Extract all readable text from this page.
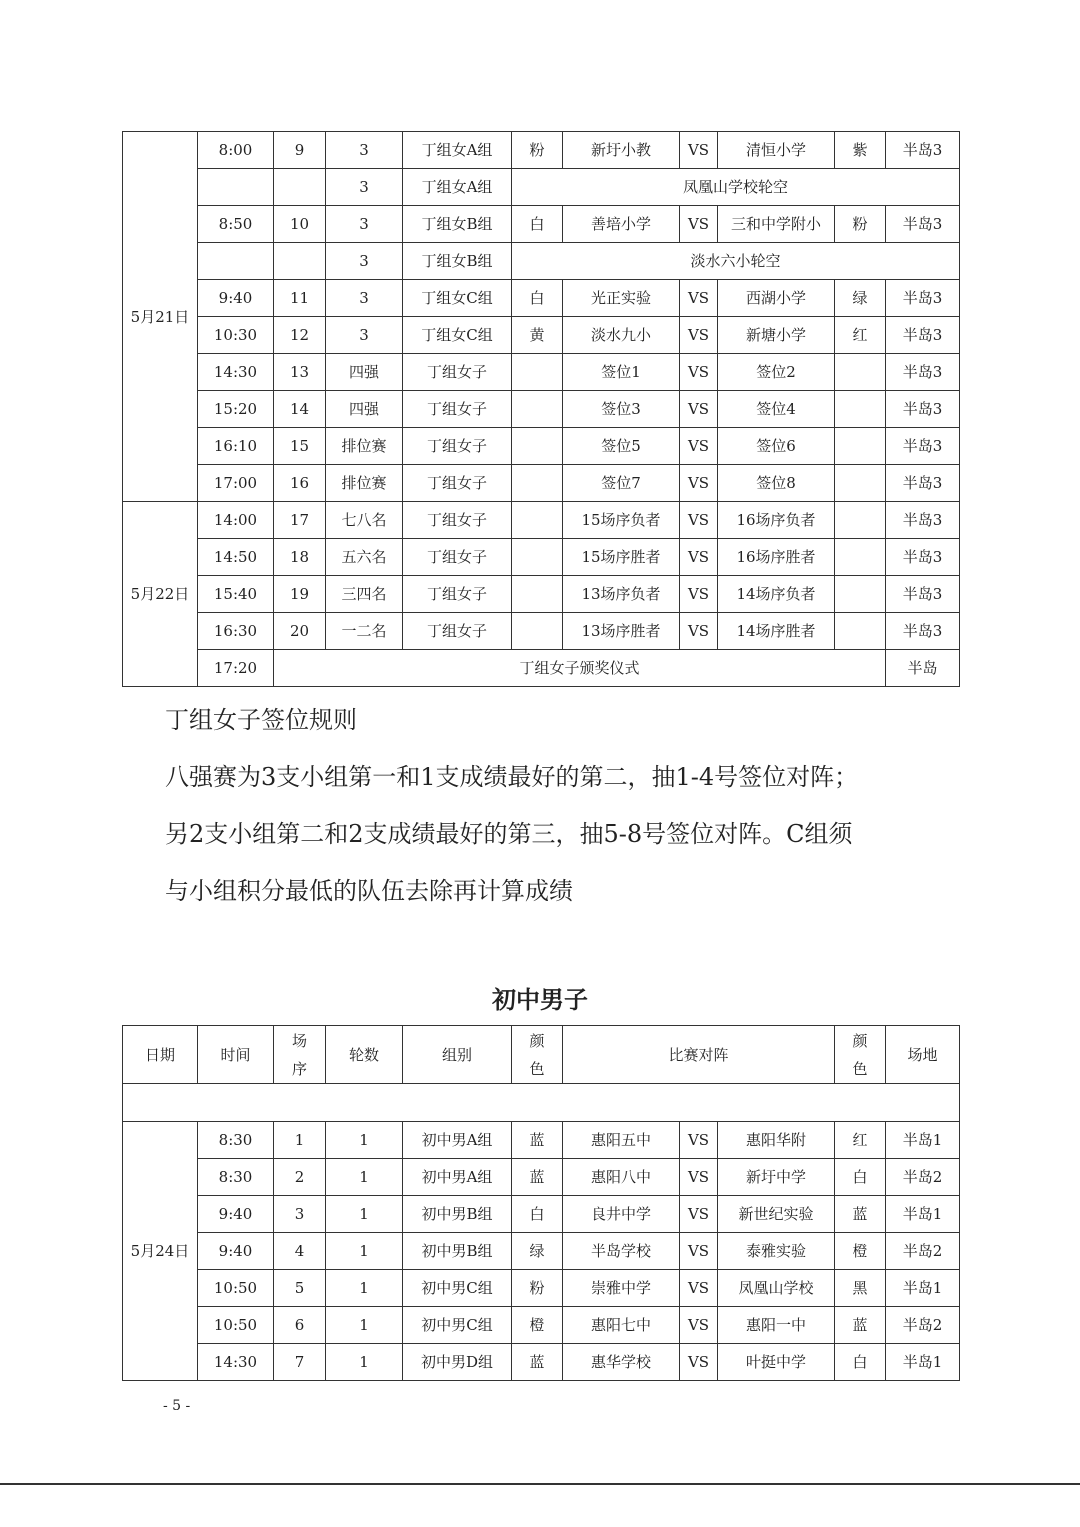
5月21日	8:00	9	3	丁组女A组	粉	新圩小教	VS	清恒小学	紫	半岛3
			3	丁组女A组	凤凰山学校轮空					
	8:50	10	3	丁组女B组	白	善培小学	VS	三和中学附小	粉	半岛3
			3	丁组女B组	淡水六小轮空					
	9:40	11	3	丁组女C组	白	光正实验	VS	西湖小学	绿	半岛3
	10:30	12	3	丁组女C组	黄	淡水九小	VS	新塘小学	红	半岛3
	14:30	13	四强	丁组女子		签位1	VS	签位2		半岛3
	15:20	14	四强	丁组女子		签位3	VS	签位4		半岛3
	16:10	15	排位赛	丁组女子		签位5	VS	签位6		半岛3
	17:00	16	排位赛	丁组女子		签位7	VS	签位8		半岛3
5月22日	14:00	17	七八名	丁组女子		15场序负者	VS	16场序负者		半岛3
	14:50	18	五六名	丁组女子		15场序胜者	VS	16场序胜者		半岛3
	15:40	19	三四名	丁组女子		13场序负者	VS	14场序负者		半岛3
	16:30	20	一二名	丁组女子		13场序胜者	VS	14场序胜者		半岛3
	17:20	丁组女子颁奖仪式								半岛

丁组女子签位规则

八强赛为3支小组第一和1支成绩最好的第二，抽1-4号签位对阵；

另2支小组第二和2支成绩最好的第三，抽5-8号签位对阵。C组须

与小组积分最低的队伍去除再计算成绩

初中男子
日期	时间	场序	轮数	组别	颜色	比赛对阵			颜色	场地

5月24日	8:30	1	1	初中男A组	蓝	惠阳五中	VS	惠阳华附	红	半岛1
	8:30	2	1	初中男A组	蓝	惠阳八中	VS	新圩中学	白	半岛2
	9:40	3	1	初中男B组	白	良井中学	VS	新世纪实验	蓝	半岛1
	9:40	4	1	初中男B组	绿	半岛学校	VS	泰雅实验	橙	半岛2
	10:50	5	1	初中男C组	粉	崇雅中学	VS	凤凰山学校	黑	半岛1
	10:50	6	1	初中男C组	橙	惠阳七中	VS	惠阳一中	蓝	半岛2
	14:30	7	1	初中男D组	蓝	惠华学校	VS	叶挺中学	白	半岛1
- 5 -
